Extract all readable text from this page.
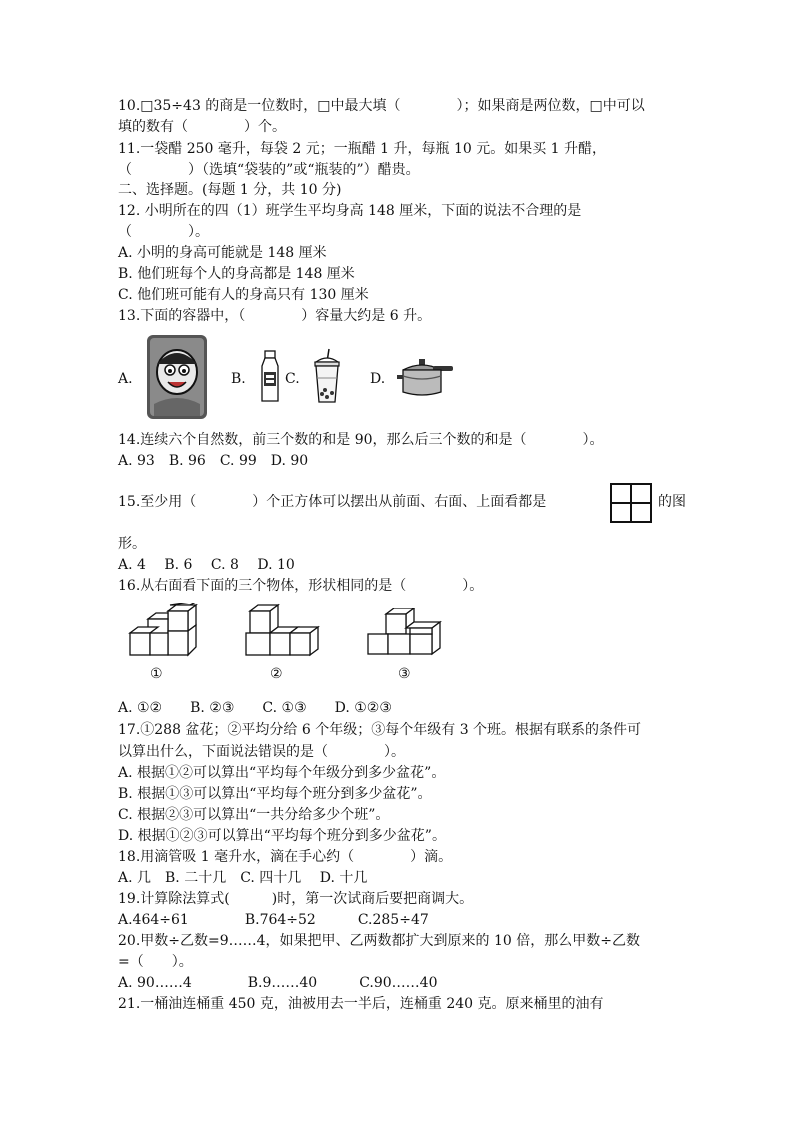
10.□35÷43 的商是一位数时，□中最大填（　　　　）；如果商是两位数，□中可以
填的数有（　　　　）个。
11.一袋醋 250 毫升，每袋 2 元；一瓶醋 1 升，每瓶 10 元。如果买 1 升醋，
（　　　　）（选填“袋装的”或“瓶装的”）醋贵。
二、选择题。(每题 1 分，共 10 分)
12. 小明所在的四（1）班学生平均身高 148 厘米，下面的说法不合理的是
（　　　　）。
A. 小明的身高可能就是 148 厘米
B. 他们班每个人的身高都是 148 厘米
C. 他们班可能有人的身高只有 130 厘米
13.下面的容器中，（　　　　）容量大约是 6 升。
A.	B.	C.	D.
14.连续六个自然数，前三个数的和是 90，那么后三个数的和是（　　　　）。
A. 93　B. 96　C. 99　D. 90
15.至少用（　　　　）个正方体可以摆出从前面、右面、上面看都是	的图
形。
A. 4　 B. 6　 C. 8　 D. 10
16.从右面看下面的三个物体，形状相同的是（　　　　）。
①	②	③
A. ①②　　B. ②③　　C. ①③　　D. ①②③
17.①288 盆花；②平均分给 6 个年级；③每个年级有 3 个班。根据有联系的条件可
以算出什么，下面说法错误的是（　　　　）。
A. 根据①②可以算出“平均每个年级分到多少盆花”。
B. 根据①③可以算出“平均每个班分到多少盆花”。
C. 根据②③可以算出“一共分给多少个班”。
D. 根据①②③可以算出“平均每个班分到多少盆花”。
18.用滴管吸 1 毫升水，滴在手心约（　　　　）滴。
A. 几　B. 二十几　C. 四十几　 D. 十几
19.计算除法算式(　　　)时，第一次试商后要把商调大。
A.464÷61　　　　B.764÷52　　　C.285÷47
20.甲数÷乙数=9……4，如果把甲、乙两数都扩大到原来的 10 倍，那么甲数÷乙数
=（　　）。
A. 90……4　　　　B.9……40　　　C.90……40
21.一桶油连桶重 450 克，油被用去一半后，连桶重 240 克。原来桶里的油有
